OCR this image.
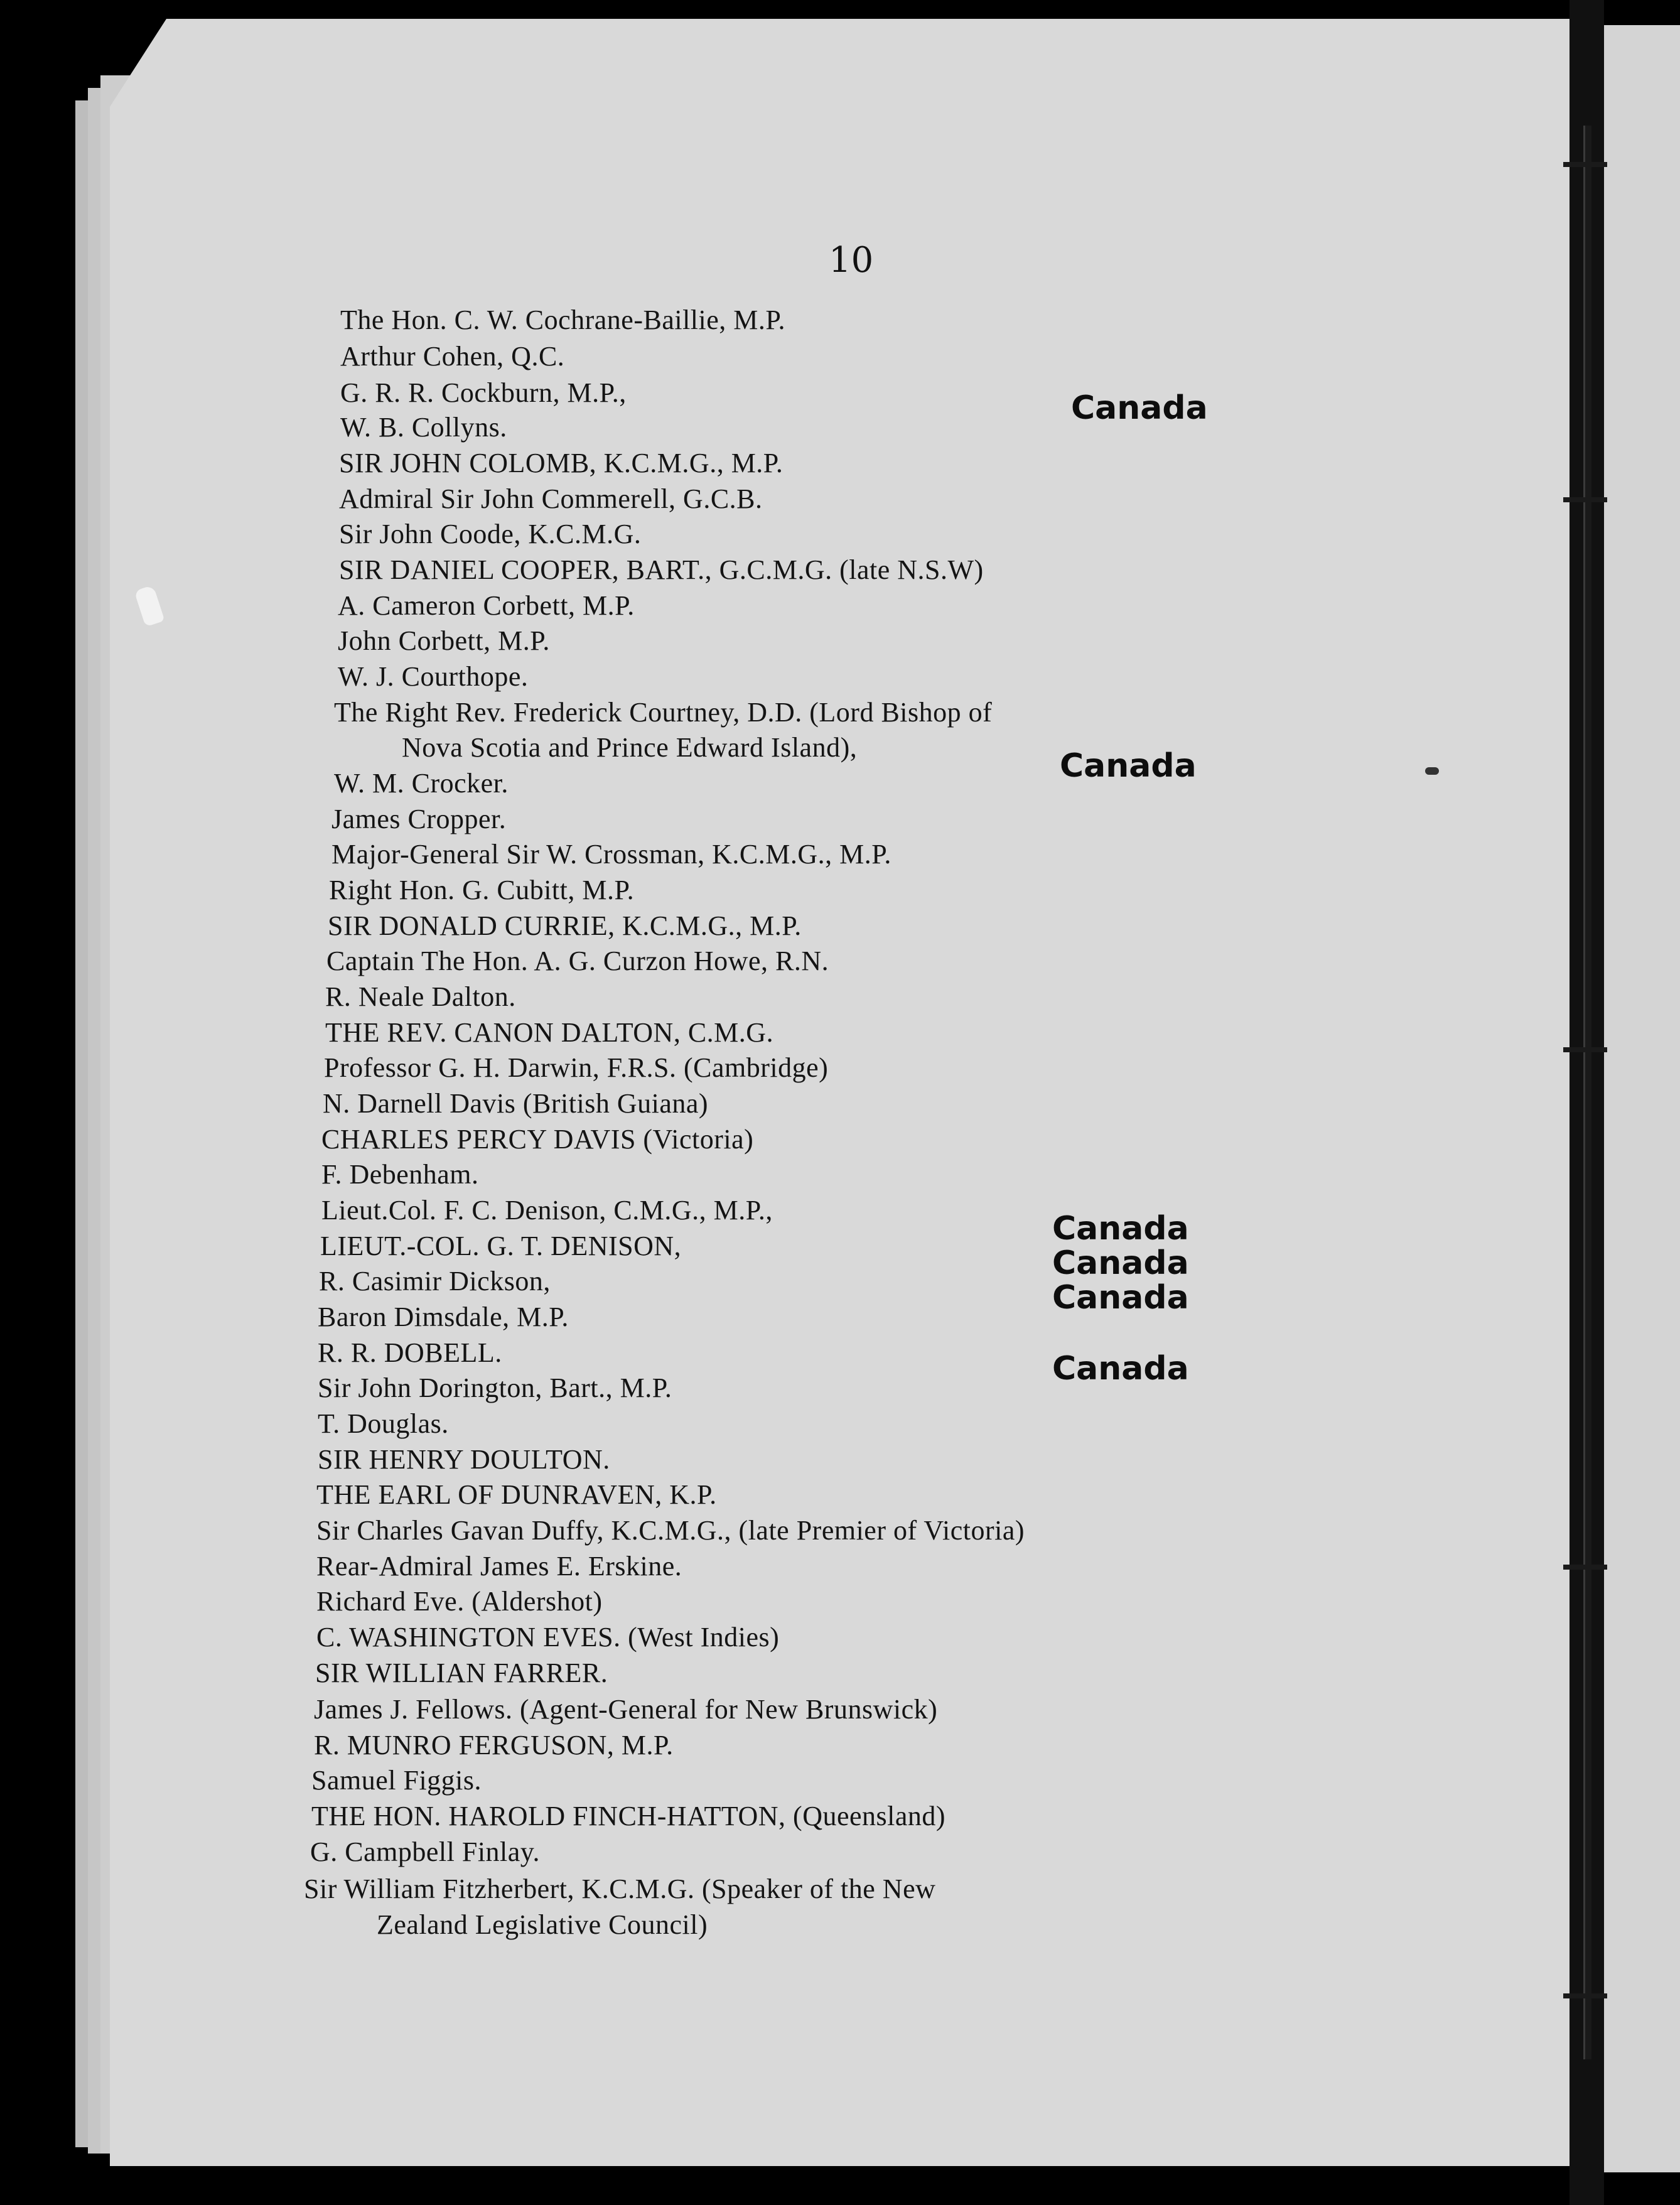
10
The Hon. C. W. Cochrane-Baillie, M.P.
Arthur Cohen, Q.C.
G. R. R. Cockburn, M.P.,
W. B. Collyns.
SIR JOHN COLOMB, K.C.M.G., M.P.
Admiral Sir John Commerell, G.C.B.
Sir John Coode, K.C.M.G.
SIR DANIEL COOPER, BART., G.C.M.G. (late N.S.W)
A. Cameron Corbett, M.P.
John Corbett, M.P.
W. J. Courthope.
The Right Rev. Frederick Courtney, D.D. (Lord Bishop of
Nova Scotia and Prince Edward Island),
W. M. Crocker.
James Cropper.
Major-General Sir W. Crossman, K.C.M.G., M.P.
Right Hon. G. Cubitt, M.P.
SIR DONALD CURRIE, K.C.M.G., M.P.
Captain The Hon. A. G. Curzon Howe, R.N.
R. Neale Dalton.
THE REV. CANON DALTON, C.M.G.
Professor G. H. Darwin, F.R.S. (Cambridge)
N. Darnell Davis (British Guiana)
CHARLES PERCY DAVIS (Victoria)
F. Debenham.
Lieut.Col. F. C. Denison, C.M.G., M.P.,
LIEUT.-COL. G. T. DENISON,
R. Casimir Dickson,
Baron Dimsdale, M.P.
R. R. DOBELL.
Sir John Dorington, Bart., M.P.
T. Douglas.
SIR HENRY DOULTON.
THE EARL OF DUNRAVEN, K.P.
Sir Charles Gavan Duffy, K.C.M.G., (late Premier of Victoria)
Rear-Admiral James E. Erskine.
Richard Eve. (Aldershot)
C. WASHINGTON EVES. (West Indies)
SIR WILLIAN FARRER.
James J. Fellows. (Agent-General for New Brunswick)
R. MUNRO FERGUSON, M.P.
Samuel Figgis.
THE HON. HAROLD FINCH-HATTON, (Queensland)
G. Campbell Finlay.
Sir William Fitzherbert, K.C.M.G. (Speaker of the New
Zealand Legislative Council)
Canada
Canada
Canada
Canada
Canada
Canada
